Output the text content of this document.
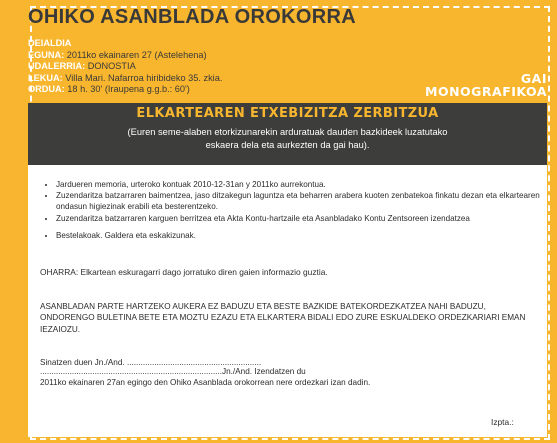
OHIKO ASANBLADA OROKORRA
DEIALDIA
EGUNA: 2011ko ekainaren 27 (Astelehena)
UDALERRIA: DONOSTIA
LEKUA: Villa Mari. Nafarroa hiribideko 35. zkia.
ORDUA: 18 h. 30' (Iraupena g.g.b.: 60')
GAI
MONOGRAFIKOA
ELKARTEAREN ETXEBIZITZA ZERBITZUA
(Euren seme-alaben etorkizunarekin arduratuak dauden bazkideek luzatutako
eskaera dela eta aurkezten da gai hau).
• Jardueren memoria, urteroko kontuak 2010-12-31an y 2011ko aurrekontua.
• Zuzendaritza batzarraren baimentzea, jaso ditzakegun laguntza eta beharren arabera kuoten zenbatekoa finkatu dezan eta elkartearen ondasun higiezinak erabili eta besterentzeko.
• Zuzendaritza batzarraren karguen berritzea eta Akta Kontu-hartzaile eta Asanbladako Kontu Zentsoreen izendatzea
• Bestelakoak. Galdera eta eskakizunak.
OHARRA: Elkartean eskuragarri dago jorratuko diren gaien informazio guztia.
ASANBLADAN PARTE HARTZEKO AUKERA EZ BADUZU ETA BESTE BAZKIDE BATEKORDEZKATZEA NAHI BADUZU, ONDORENGO BULETINA BETE ETA MOZTU EZAZU ETA ELKARTERA BIDALI EDO ZURE ESKUALDEKO ORDEZKARIARI EMAN IEZAIOZU.
Sinatzen duen Jn./And. ...........................................................
................................................................................Jn./And. Izendatzen du
2011ko ekainaren 27an egingo den Ohiko Asanblada orokorrean nere ordezkari izan dadin.
Izpta.:
